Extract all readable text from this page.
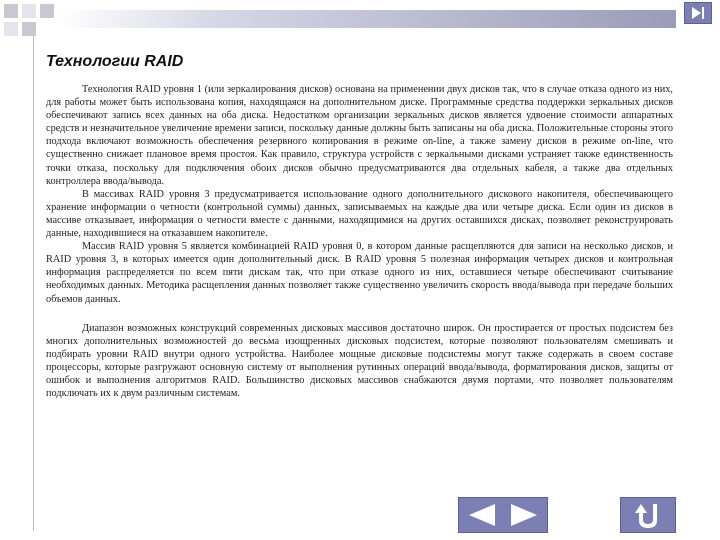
Технологии RAID

Технология RAID уровня 1 (или зеркалирования дисков) основана на применении двух дисков так, что в случае отказа одного из них, для работы может быть использована копия, находящаяся на дополнительном диске. Программные средства поддержки зеркальных дисков обеспечивают запись всех данных на оба диска. Недостатком организации зеркальных дисков является удвоение стоимости аппаратных средств и незначительное увеличение времени записи, поскольку данные должны быть записаны на оба диска. Положительные стороны этого подхода включают возможность обеспечения резервного копирования в режиме on-line, а также замену дисков в режиме on-line, что существенно снижает плановое время простоя. Как правило, структура устройств с зеркальными дисками устраняет также единственность точки отказа, поскольку для подключения обоих дисков обычно предусматриваются два отдельных кабеля, а также два отдельных контроллера ввода/вывода.

В массивах RAID уровня 3 предусматривается использование одного дополнительного дискового накопителя, обеспечивающего хранение информации о четности (контрольной суммы) данных, записываемых на каждые два или четыре диска. Если один из дисков в массиве отказывает, информация о четности вместе с данными, находящимися на других оставшихся дисках, позволяет реконструировать данные, находившиеся на отказавшем накопителе.

Массив RAID уровня 5 является комбинацией RAID уровня 0, в котором данные расщепляются для записи на несколько дисков, и RAID уровня 3, в которых имеется один дополнительный диск. В RAID уровня 5 полезная информация четырех дисков и контрольная информация распределяется по всем пяти дискам так, что при отказе одного из них, оставшиеся четыре обеспечивают считывание необходимых данных. Методика расщепления данных позволяет также существенно увеличить скорость ввода/вывода при передаче больших объемов данных.

Диапазон возможных конструкций современных дисковых массивов достаточно широк. Он простирается от простых подсистем без многих дополнительных возможностей до весьма изощренных дисковых подсистем, которые позволяют пользователям смешивать и подбирать уровни RAID внутри одного устройства. Наиболее мощные дисковые подсистемы могут также содержать в своем составе процессоры, которые разгружают основную систему от выполнения рутинных операций ввода/вывода, форматирования дисков, защиты от ошибок и выполнения алгоритмов RAID. Большинство дисковых массивов снабжаются двумя портами, что позволяет пользователям подключать их к двум различным системам.
